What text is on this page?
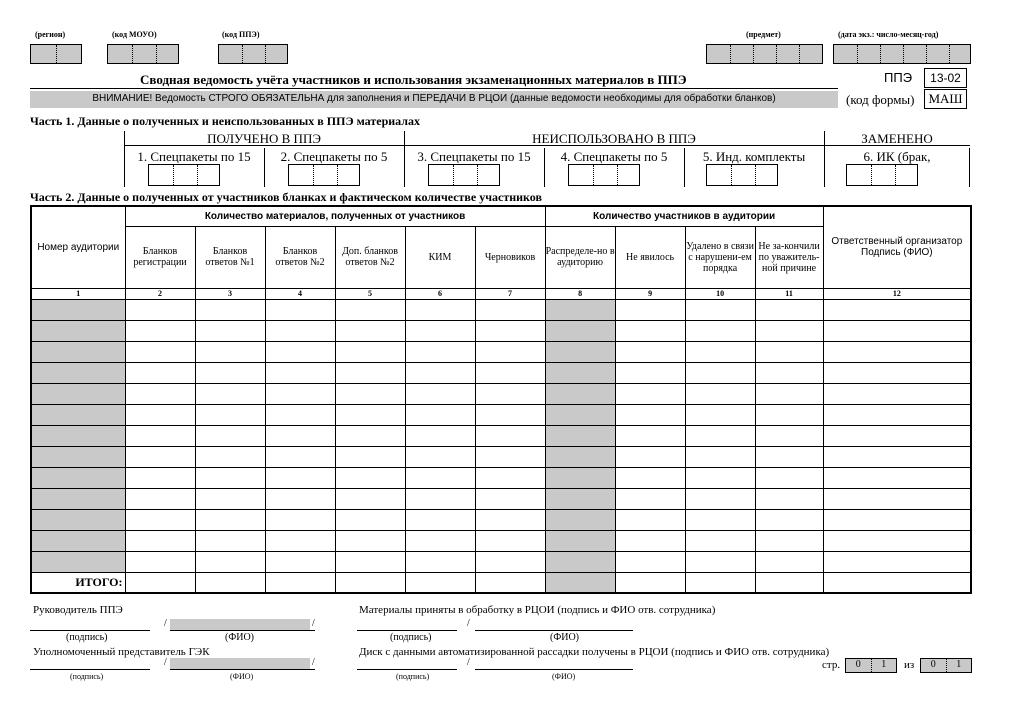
(регион)	(код МОУО)	(код ППЭ)	(предмет)	(дата экз.: число-месяц-год)
Сводная ведомость учёта участников и использования экзаменационных материалов в ППЭ
ВНИМАНИЕ! Ведомость СТРОГО ОБЯЗАТЕЛЬНА для заполнения и ПЕРЕДАЧИ В РЦОИ (данные ведомости необходимы для обработки бланков)
ППЭ	13-02
(код формы)	МАШ
Часть 1. Данные о полученных и неиспользованных в ППЭ материалах
ПОЛУЧЕНО В ППЭ	НЕИСПОЛЬЗОВАНО В ППЭ	ЗАМЕНЕНО
1. Спецпакеты по 15	2. Спецпакеты по 5	3. Спецпакеты по 15	4. Спецпакеты по 5	5. Инд. комплекты	6. ИК (брак,
Часть 2. Данные о полученных от участников бланках и фактическом количестве участников
Номер аудитории	Количество материалов, полученных от участников						Количество участников в аудитории				Ответственный организатор Подпись (ФИО)
	Бланков регистрации	Бланков ответов №1	Бланков ответов №2	Доп. бланков ответов №2	КИМ	Черновиков	Распределе-но в аудиторию	Не явилось	Удалено в связи с нарушени-ем порядка	Не за-кончили по уважитель-ной причине	
1	2	3	4	5	6	7	8	9	10	11	12

ИТОГО:	

Руководитель ППЭ
/	/
(подпись)	(ФИО)
Уполномоченный представитель ГЭК
/	/
(подпись)	(ФИО)
Материалы приняты в обработку в РЦОИ (подпись и ФИО отв. сотрудника)
/
(подпись)	(ФИО)
Диск с данными автоматизированной рассадки получены в РЦОИ (подпись и ФИО отв. сотрудника)
/
(подпись)	(ФИО)
стр.	0	1	из	0	1
